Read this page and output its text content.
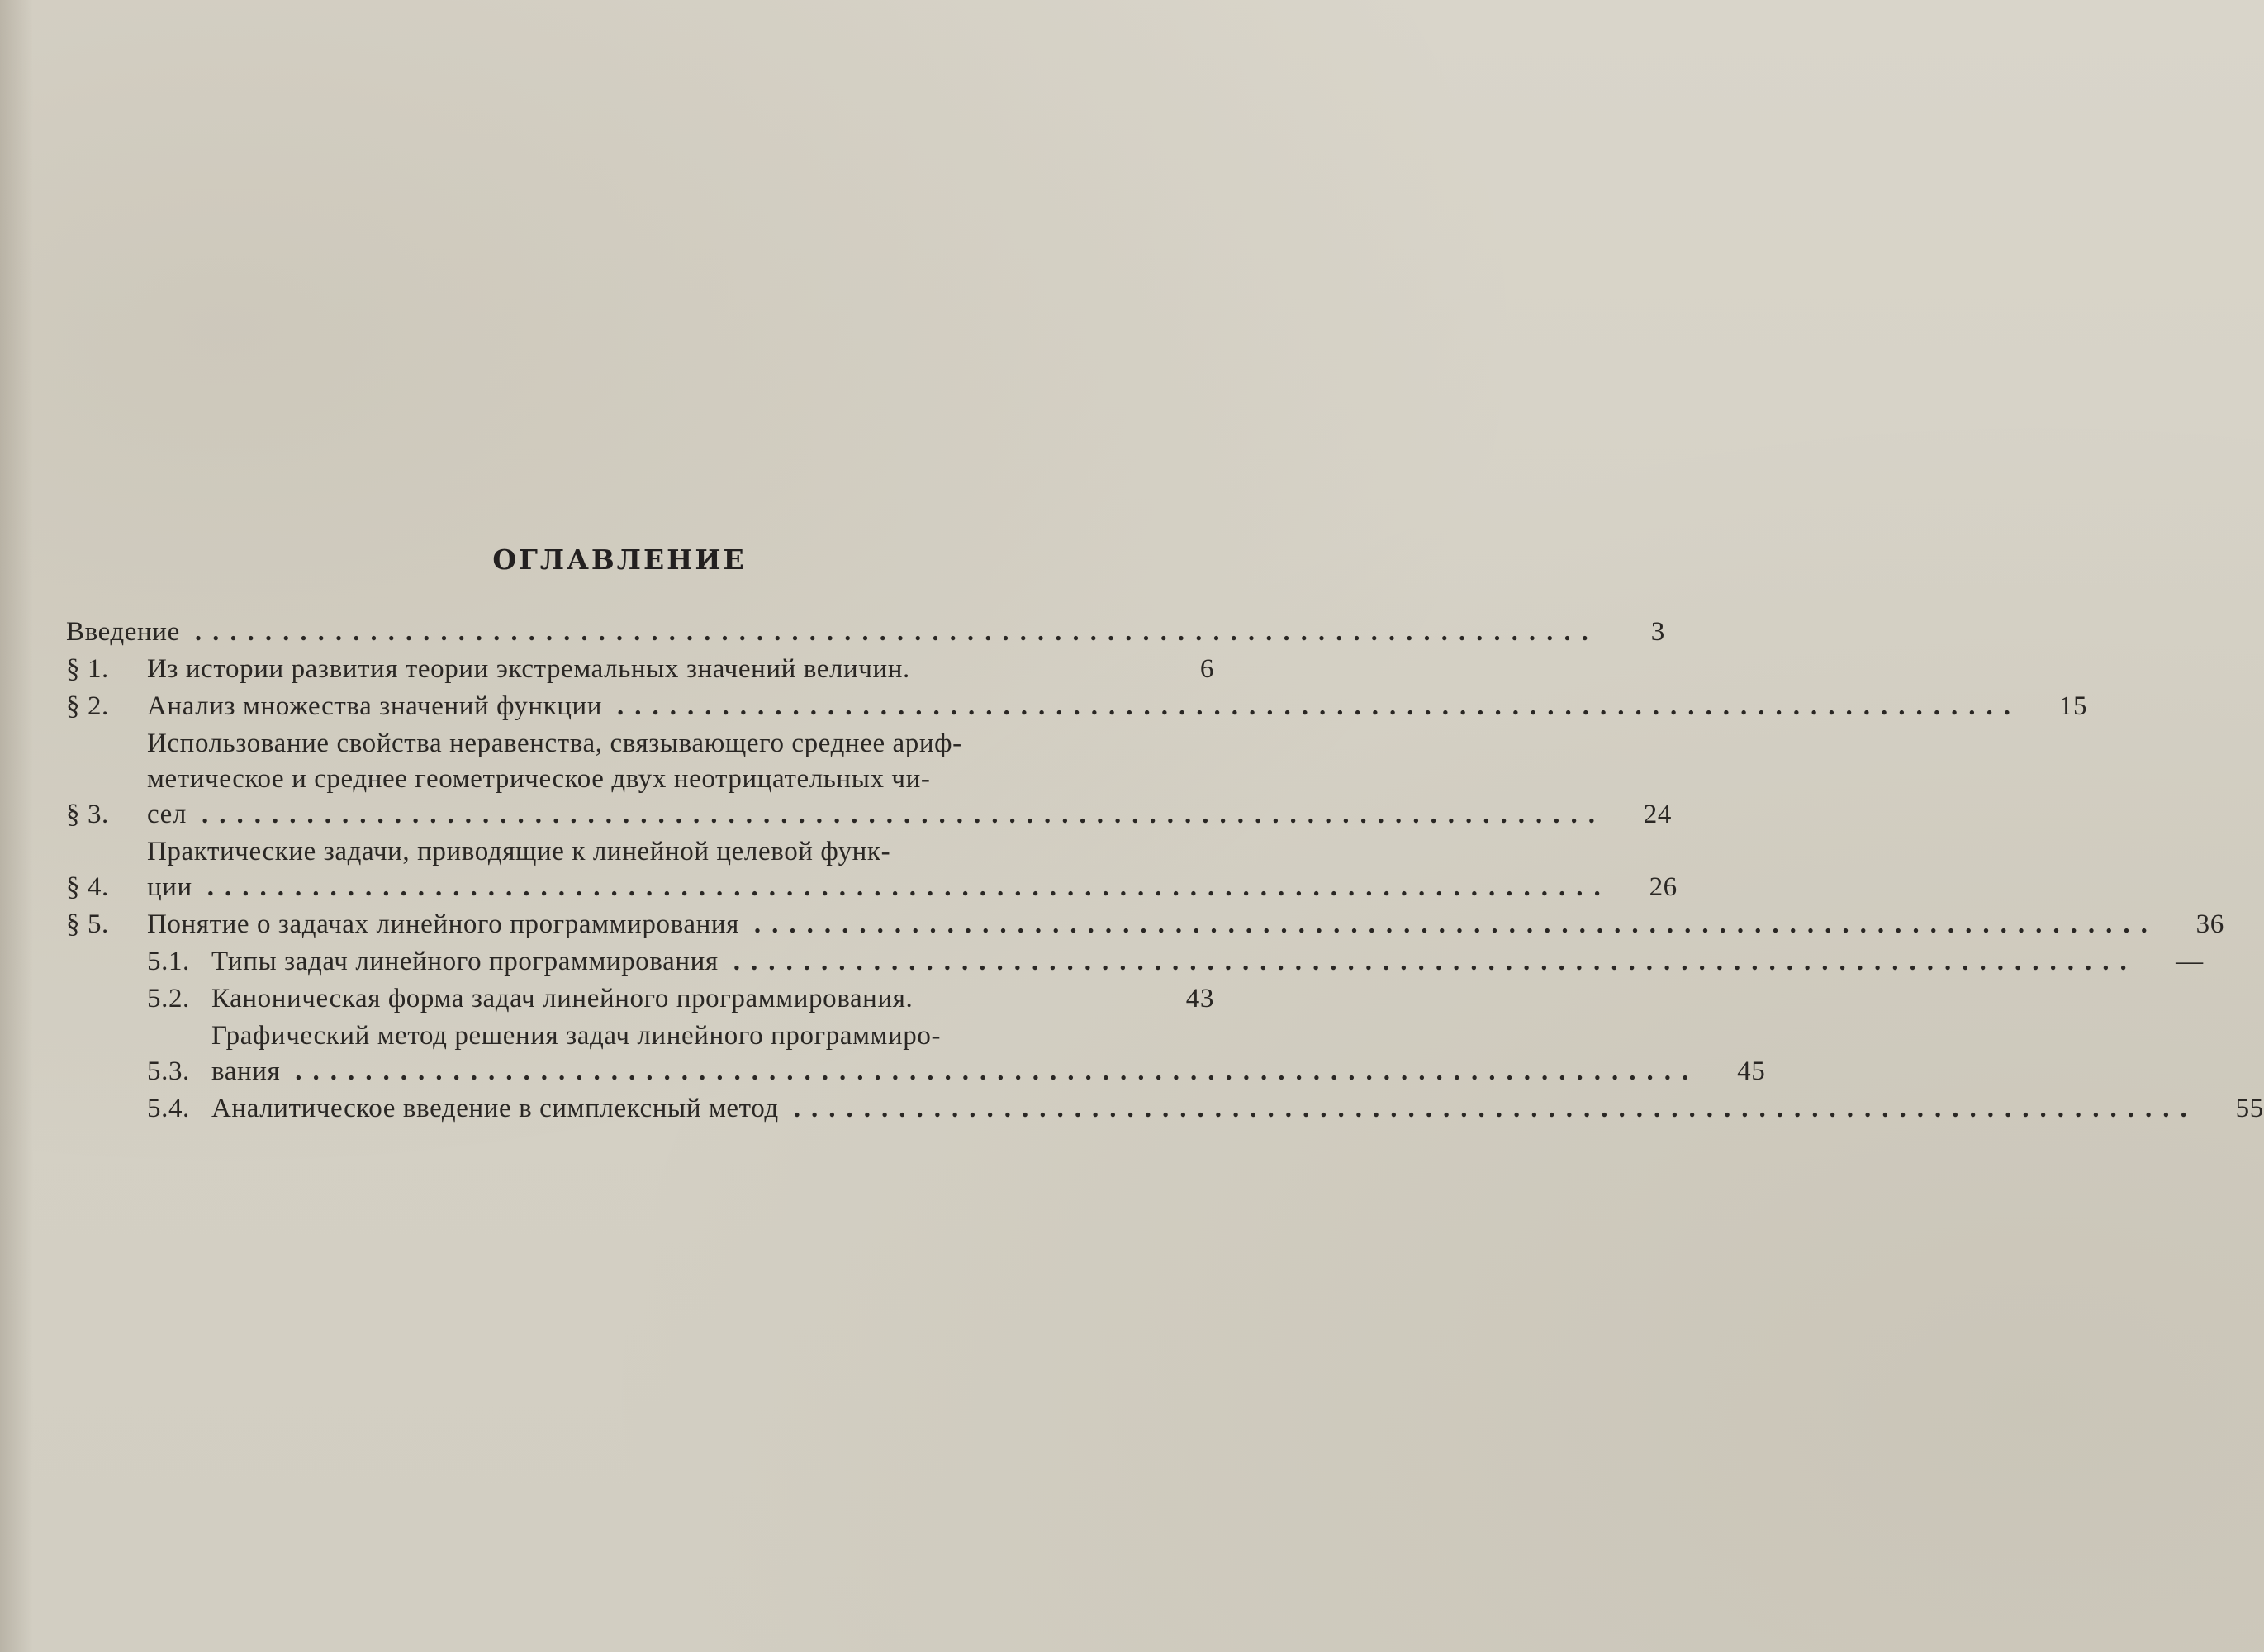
ОГЛАВЛЕНИЕ
Введение ................................................................................	3
§ 1.	Из истории развития теории экстремальных значений величин.	6
§ 2.	Анализ множества значений функции ................................................................................	15
§ 3.
Использование свойства неравенства, связывающего среднее ариф-
метическое и среднее геометрическое двух неотрицательных чи-
сел ................................................................................	24
§ 4.
Практические задачи, приводящие к линейной целевой функ-
ции ................................................................................	26
§ 5.	Понятие о задачах линейного программирования ................................................................................	36
5.1. Типы задач линейного программирования ................................................................................	—
5.2. Каноническая форма задач линейного программирования.	43
5.3.
Графический метод решения задач линейного программиро-
вания ................................................................................	45
5.4. Аналитическое введение в симплексный метод ................................................................................	55
